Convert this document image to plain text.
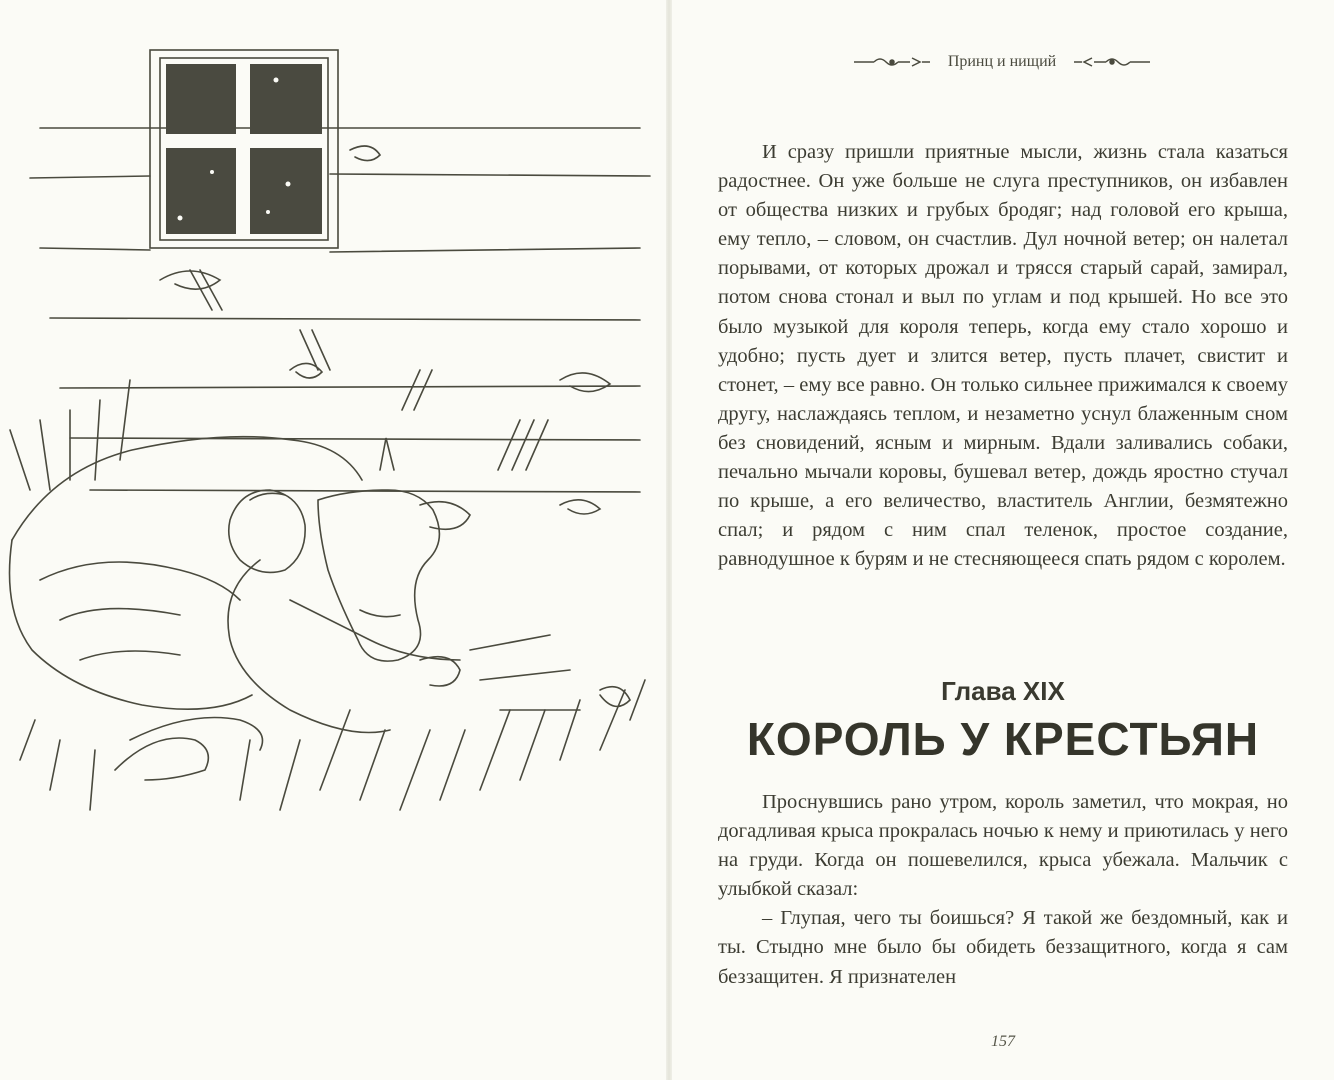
Принц и нищий

И сразу пришли приятные мысли, жизнь стала казаться радостнее. Он уже больше не слуга преступников, он избавлен от общества низких и грубых бродяг; над головой его крыша, ему тепло, – словом, он счастлив. Дул ночной ветер; он налетал порывами, от которых дрожал и трясся старый сарай, замирал, потом снова стонал и выл по углам и под крышей. Но все это было музыкой для короля теперь, когда ему стало хорошо и удобно; пусть дует и злится ветер, пусть плачет, свистит и стонет, – ему все равно. Он только сильнее прижимался к своему другу, наслаждаясь теплом, и незаметно уснул блаженным сном без сновидений, ясным и мирным. Вдали заливались собаки, печально мычали коровы, бушевал ветер, дождь яростно стучал по крыше, а его величество, властитель Англии, безмятежно спал; и рядом с ним спал теленок, простое создание, равнодушное к бурям и не стесняющееся спать рядом с королем.

Глава XIX
КОРОЛЬ У КРЕСТЬЯН

Проснувшись рано утром, король заметил, что мокрая, но догадливая крыса прокралась ночью к нему и приютилась у него на груди. Когда он пошевелился, крыса убежала. Мальчик с улыбкой сказал:

– Глупая, чего ты боишься? Я такой же бездомный, как и ты. Стыдно мне было бы обидеть беззащитного, когда я сам беззащитен. Я признателен

157
